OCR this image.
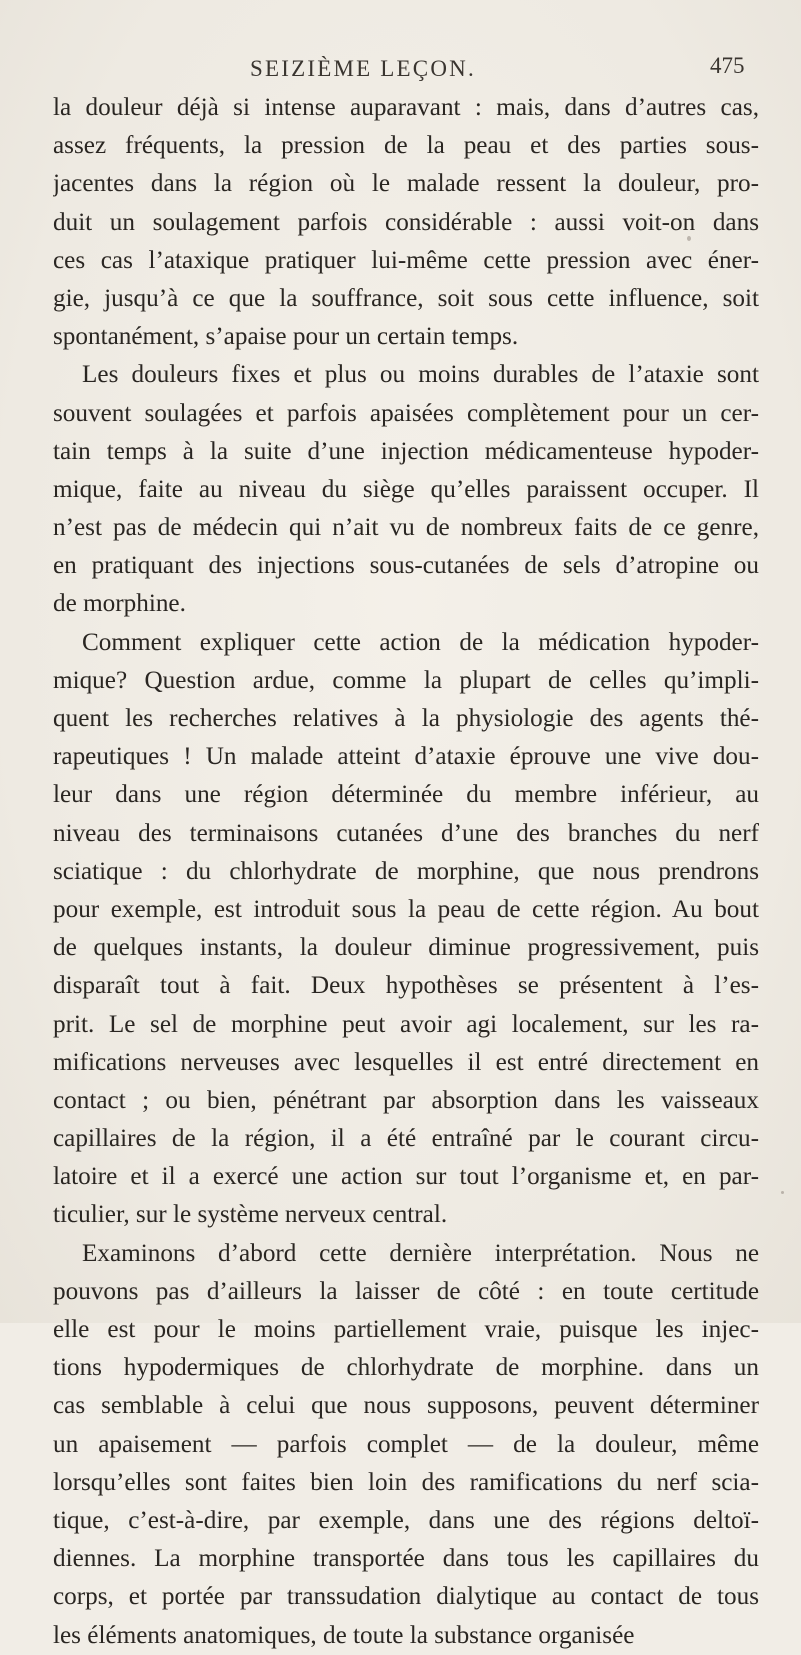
SEIZIÈME LEÇON.	475
la douleur déjà si intense auparavant : mais, dans d’autres cas,
assez fréquents, la pression de la peau et des parties sous-
jacentes dans la région où le malade ressent la douleur, pro-
duit un soulagement parfois considérable : aussi voit-on dans
ces cas l’ataxique pratiquer lui-même cette pression avec éner-
gie, jusqu’à ce que la souffrance, soit sous cette influence, soit
spontanément, s’apaise pour un certain temps.
Les douleurs fixes et plus ou moins durables de l’ataxie sont
souvent soulagées et parfois apaisées complètement pour un cer-
tain temps à la suite d’une injection médicamenteuse hypoder-
mique, faite au niveau du siège qu’elles paraissent occuper. Il
n’est pas de médecin qui n’ait vu de nombreux faits de ce genre,
en pratiquant des injections sous-cutanées de sels d’atropine ou
de morphine.
Comment expliquer cette action de la médication hypoder-
mique? Question ardue, comme la plupart de celles qu’impli-
quent les recherches relatives à la physiologie des agents thé-
rapeutiques ! Un malade atteint d’ataxie éprouve une vive dou-
leur dans une région déterminée du membre inférieur, au
niveau des terminaisons cutanées d’une des branches du nerf
sciatique : du chlorhydrate de morphine, que nous prendrons
pour exemple, est introduit sous la peau de cette région. Au bout
de quelques instants, la douleur diminue progressivement, puis
disparaît tout à fait. Deux hypothèses se présentent à l’es-
prit. Le sel de morphine peut avoir agi localement, sur les ra-
mifications nerveuses avec lesquelles il est entré directement en
contact ; ou bien, pénétrant par absorption dans les vaisseaux
capillaires de la région, il a été entraîné par le courant circu-
latoire et il a exercé une action sur tout l’organisme et, en par-
ticulier, sur le système nerveux central.
Examinons d’abord cette dernière interprétation. Nous ne
pouvons pas d’ailleurs la laisser de côté : en toute certitude
elle est pour le moins partiellement vraie, puisque les injec-
tions hypodermiques de chlorhydrate de morphine. dans un
cas semblable à celui que nous supposons, peuvent déterminer
un apaisement — parfois complet — de la douleur, même
lorsqu’elles sont faites bien loin des ramifications du nerf scia-
tique, c’est-à-dire, par exemple, dans une des régions deltoï-
diennes. La morphine transportée dans tous les capillaires du
corps, et portée par transsudation dialytique au contact de tous
les éléments anatomiques, de toute la substance organisée
